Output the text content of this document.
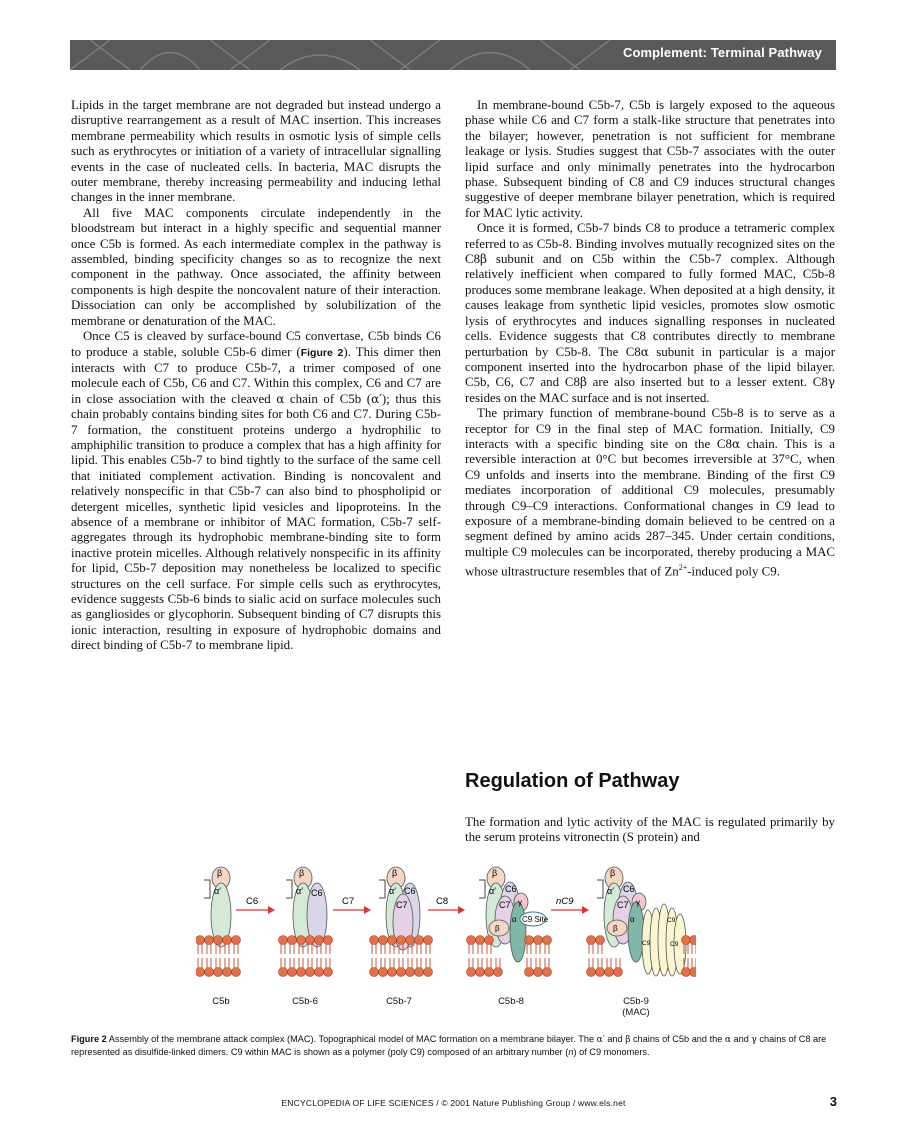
Complement: Terminal Pathway

Lipids in the target membrane are not degraded but instead undergo a disruptive rearrangement as a result of MAC insertion. This increases membrane permeability which results in osmotic lysis of simple cells such as erythrocytes or initiation of a variety of intracellular signalling events in the case of nucleated cells. In bacteria, MAC disrupts the outer membrane, thereby increasing permeability and inducing lethal changes in the inner membrane.

All five MAC components circulate independently in the bloodstream but interact in a highly specific and sequential manner once C5b is formed. As each intermediate complex in the pathway is assembled, binding specificity changes so as to recognize the next component in the pathway. Once associated, the affinity between components is high despite the noncovalent nature of their interaction. Dissociation can only be accomplished by solubilization of the membrane or denaturation of the MAC.

Once C5 is cleaved by surface-bound C5 convertase, C5b binds C6 to produce a stable, soluble C5b-6 dimer (Figure 2). This dimer then interacts with C7 to produce C5b-7, a trimer composed of one molecule each of C5b, C6 and C7. Within this complex, C6 and C7 are in close association with the cleaved α chain of C5b (α′); thus this chain probably contains binding sites for both C6 and C7. During C5b-7 formation, the constituent proteins undergo a hydrophilic to amphiphilic transition to produce a complex that has a high affinity for lipid. This enables C5b-7 to bind tightly to the surface of the same cell that initiated complement activation. Binding is noncovalent and relatively nonspecific in that C5b-7 can also bind to phospholipid or detergent micelles, synthetic lipid vesicles and lipoproteins. In the absence of a membrane or inhibitor of MAC formation, C5b-7 self-aggregates through its hydrophobic membrane-binding site to form inactive protein micelles. Although relatively nonspecific in its affinity for lipid, C5b-7 deposition may nonetheless be localized to specific structures on the cell surface. For simple cells such as erythrocytes, evidence suggests C5b-6 binds to sialic acid on surface molecules such as gangliosides or glycophorin. Subsequent binding of C7 disrupts this ionic interaction, resulting in exposure of hydrophobic domains and direct binding of C5b-7 to membrane lipid.

In membrane-bound C5b-7, C5b is largely exposed to the aqueous phase while C6 and C7 form a stalk-like structure that penetrates into the bilayer; however, penetration is not sufficient for membrane leakage or lysis. Studies suggest that C5b-7 associates with the outer lipid surface and only minimally penetrates into the hydrocarbon phase. Subsequent binding of C8 and C9 induces structural changes suggestive of deeper membrane bilayer penetration, which is required for MAC lytic activity.

Once it is formed, C5b-7 binds C8 to produce a tetrameric complex referred to as C5b-8. Binding involves mutually recognized sites on the C8β subunit and on C5b within the C5b-7 complex. Although relatively inefficient when compared to fully formed MAC, C5b-8 produces some membrane leakage. When deposited at a high density, it causes leakage from synthetic lipid vesicles, promotes slow osmotic lysis of erythrocytes and induces signalling responses in nucleated cells. Evidence suggests that C8 contributes directly to membrane perturbation by C5b-8. The C8α subunit in particular is a major component inserted into the hydrocarbon phase of the lipid bilayer. C5b, C6, C7 and C8β are also inserted but to a lesser extent. C8γ resides on the MAC surface and is not inserted.

The primary function of membrane-bound C5b-8 is to serve as a receptor for C9 in the final step of MAC formation. Initially, C9 interacts with a specific binding site on the C8α chain. This is a reversible interaction at 0°C but becomes irreversible at 37°C, when C9 unfolds and inserts into the membrane. Binding of the first C9 mediates incorporation of additional C9 molecules, presumably through C9–C9 interactions. Conformational changes in C9 lead to exposure of a membrane-binding domain believed to be centred on a segment defined by amino acids 287–345. Under certain conditions, multiple C9 molecules can be incorporated, thereby producing a MAC whose ultrastructure resembles that of $Zn^{2+}$-induced poly C9.

Regulation of Pathway

The formation and lytic activity of the MAC is regulated primarily by the serum proteins vitronectin (S protein) and

β
α′
C6
β
α′ C6
C7
β
α′ C6
C7	C8
β
α′ C6
C7 γ
α
β
C9 Site
nC9
β
α′ C6
C7 γ
α
β
C9
C9
C9
C5b	C5b-6	C5b-7	C5b-8	C5b-9
(MAC)

Figure 2 Assembly of the membrane attack complex (MAC). Topographical model of MAC formation on a membrane bilayer. The α′ and β chains of C5b and the α and γ chains of C8 are represented as disulfide-linked dimers. C9 within MAC is shown as a polymer (poly C9) composed of an arbitrary number (n) of C9 monomers.

ENCYCLOPEDIA OF LIFE SCIENCES / © 2001 Nature Publishing Group / www.els.net	3
